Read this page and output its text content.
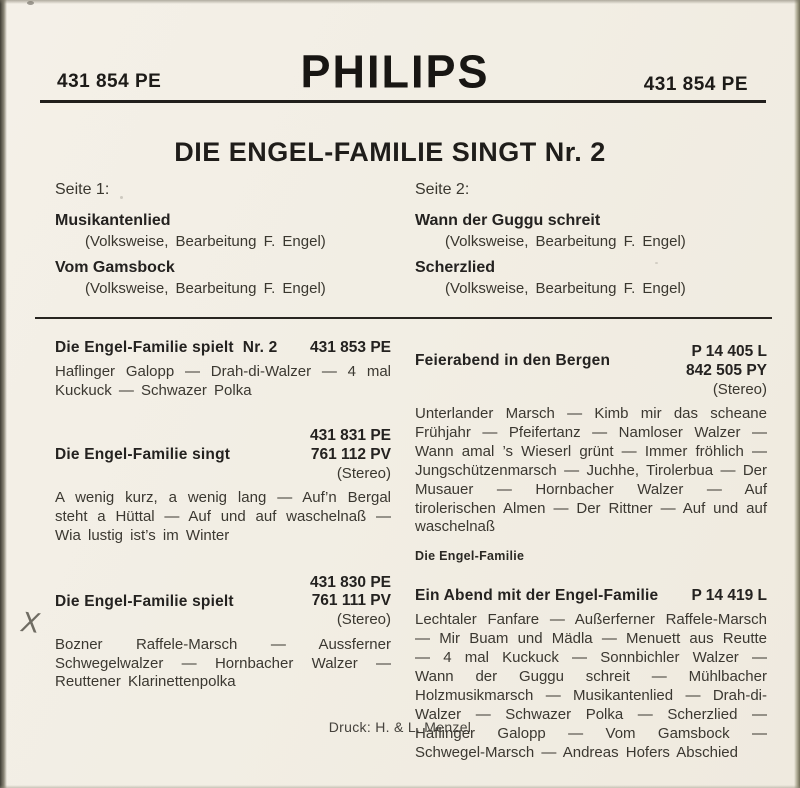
431 854 PE	PHILIPS	431 854 PE
DIE ENGEL-FAMILIE SINGT Nr. 2
Seite 1:
Musikantenlied
(Volksweise, Bearbeitung F. Engel)
Vom Gamsbock
(Volksweise, Bearbeitung F. Engel)
Seite 2:
Wann der Guggu schreit
(Volksweise, Bearbeitung F. Engel)
Scherzlied
(Volksweise, Bearbeitung F. Engel)
Die Engel-Familie spielt  Nr. 2 431 853 PE

Haflinger Galopp — Drah-di-Walzer — 4 mal Kuckuck — Schwazer Polka

Die Engel-Familie singt
431 831 PE
761 112 PV
(Stereo)

A wenig kurz, a wenig lang — Auf’n Bergal steht a Hüttal — Auf und auf waschelnaß — Wia lustig ist’s im Winter

Die Engel-Familie spielt
431 830 PE
761 111 PV
(Stereo)

Bozner Raffele-Marsch — Aussferner Schwegelwalzer — Hornbacher Walzer — Reuttener Klarinettenpolka

Feierabend in den Bergen
P 14 405 L
842 505 PY
(Stereo)

Unterlander Marsch — Kimb mir das scheane Frühjahr — Pfeifertanz — Namloser Walzer — Wann amal ’s Wieserl grünt — Immer fröhlich — Jungschützenmarsch — Juchhe, Tirolerbua — Der Musauer — Hornbacher Walzer — Auf tirolerischen Almen — Der Rittner — Auf und auf waschelnaß

Die Engel-Familie
Ein Abend mit der Engel-Familie P 14 419 L

Lechtaler Fanfare — Außerferner Raffele-Marsch — Mir Buam und Mädla — Menuett aus Reutte — 4 mal Kuckuck — Sonnbichler Walzer — Wann der Guggu schreit — Mühlbacher Holzmusikmarsch — Musikantenlied — Drah-di-Walzer — Schwazer Polka — Scherzlied — Haflinger Galopp — Vom Gamsbock — Schwegel-Marsch — Andreas Hofers Abschied

X
Druck: H. & L. Menzel
